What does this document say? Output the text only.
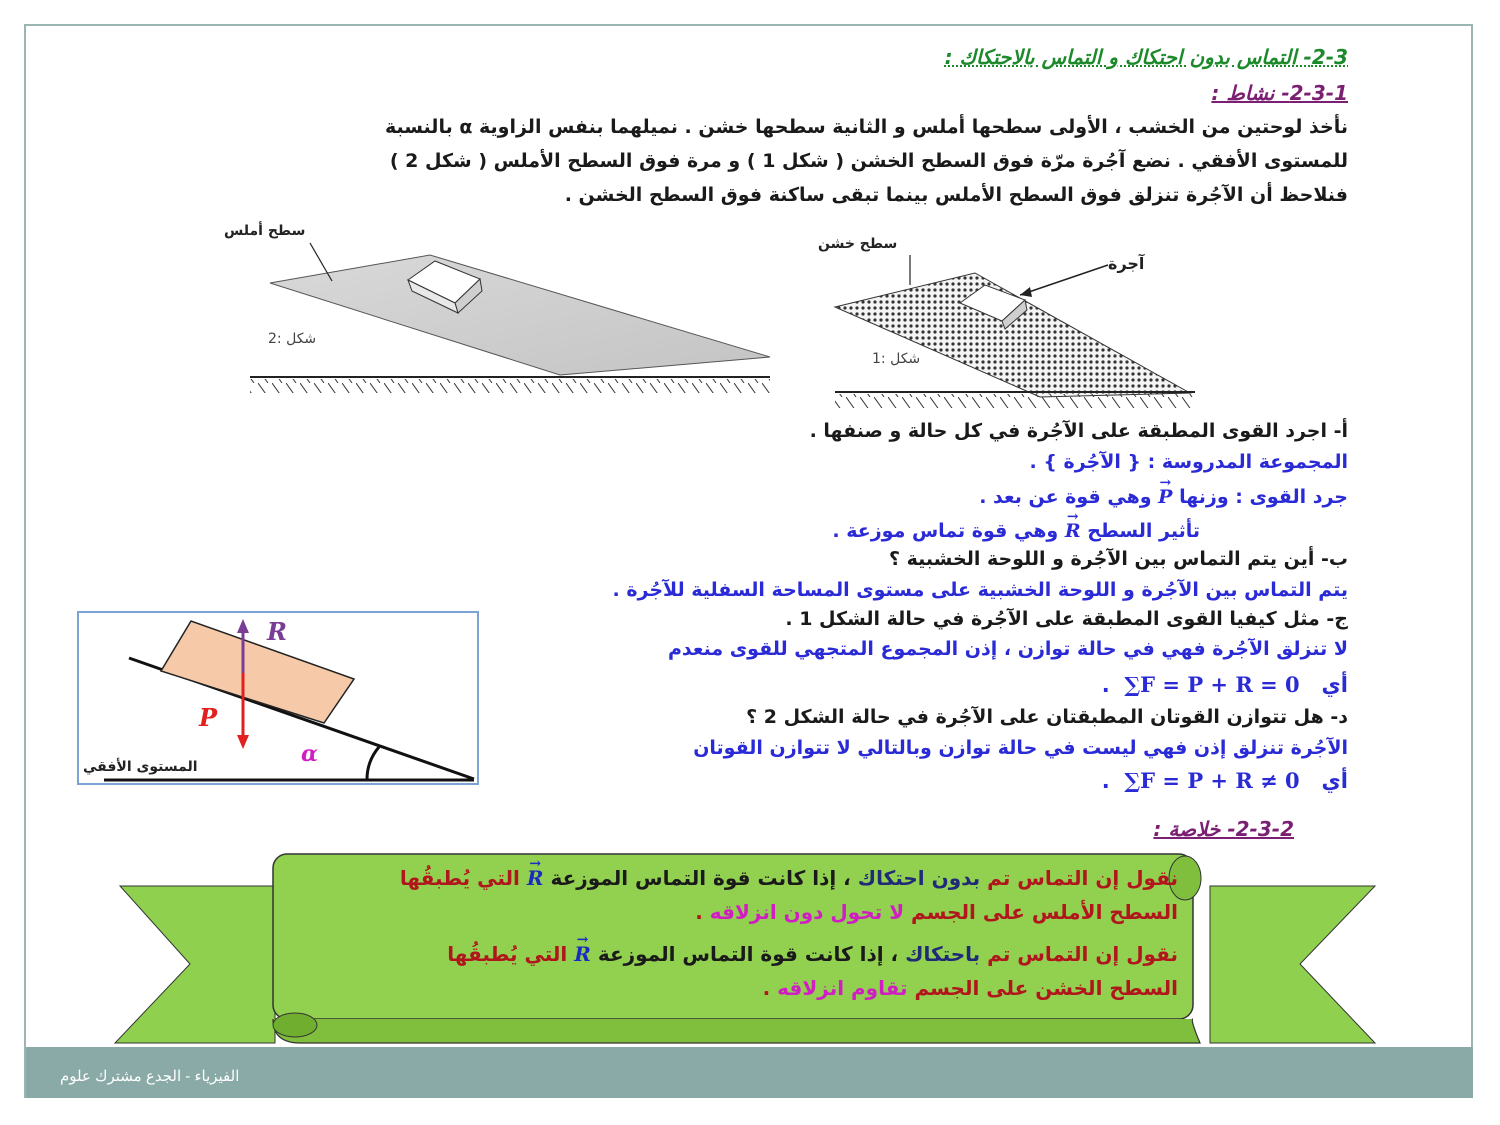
2-3- التماس بدون احتكاك و التماس بالاحتكاك :
2-3-1- نشاط :
نأخذ لوحتين من الخشب ، الأولى سطحها أملس و الثانية سطحها خشن . نميلهما بنفس الزاوية α بالنسبة
للمستوى الأفقي . نضع آجُرة مرّة فوق السطح الخشن ( شكل 1 ) و مرة فوق السطح الأملس ( شكل 2 )
فنلاحظ أن الآجُرة تنزلق فوق السطح الأملس بينما تبقى ساكنة فوق السطح الخشن .
سطح أملس
شكل :2
سطح خشن
آجرة
شكل :1
أ- اجرد القوى المطبقة على الآجُرة في كل حالة و صنفها .
المجموعة المدروسة : { الآجُرة } .
جرد القوى : وزنها → P وهي قوة عن بعد .
تأثير السطح → R وهي قوة تماس موزعة .
ب- أين يتم التماس بين الآجُرة و اللوحة الخشبية ؟
يتم التماس بين الآجُرة و اللوحة الخشبية على مستوى المساحة السفلية للآجُرة .
ج- مثل كيفيا القوى المطبقة على الآجُرة في حالة الشكل 1 .
لا تنزلق الآجُرة فهي في حالة توازن ، إذن المجموع المتجهي للقوى منعدم
أي   ∑F = P + R = 0  .
د- هل تتوازن القوتان المطبقتان على الآجُرة في حالة الشكل 2 ؟
الآجُرة تنزلق إذن فهي ليست في حالة توازن وبالتالي لا تتوازن القوتان
أي   ∑F = P + R ≠ 0  .
R
P
α
المستوى الأفقي
2-3-2- خلاصة :
نقول إن التماس تم بدون احتكاك ، إذا كانت قوة التماس الموزعة → R التي يُطبقُها
السطح الأملس على الجسم لا تحول دون انزلاقه .
نقول إن التماس تم باحتكاك ، إذا كانت قوة التماس الموزعة → R التي يُطبقُها
السطح الخشن على الجسم تقاوم انزلاقه .
الفيزياء - الجدع مشترك علوم
